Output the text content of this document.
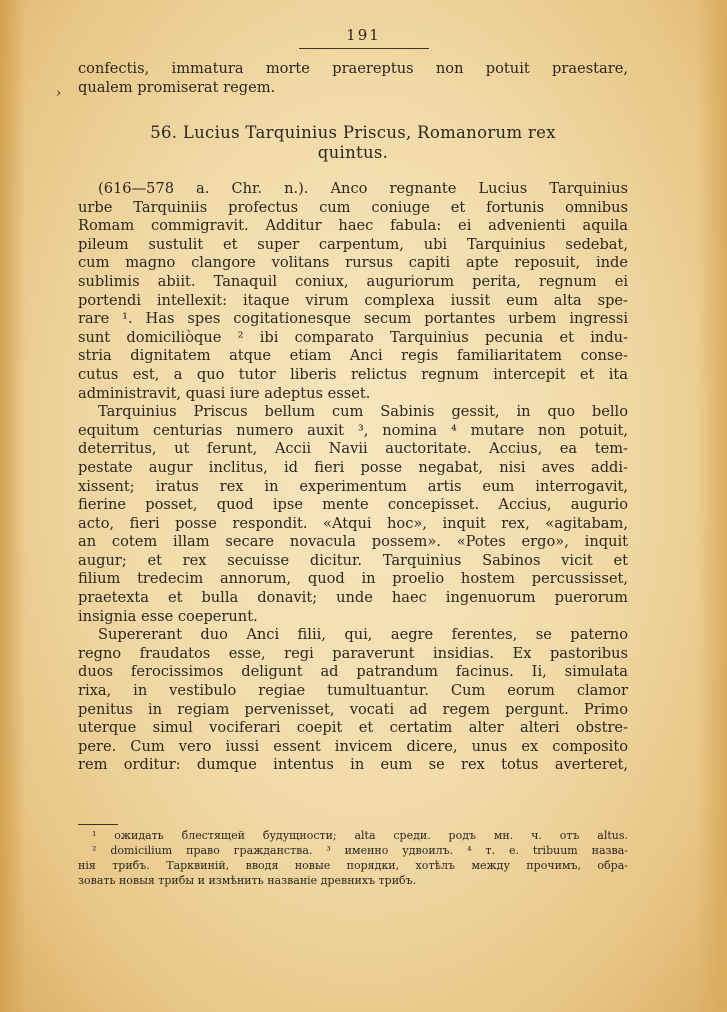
191
›
confectis, immatura morte praereptus non potuit praestare,
qualem promiserat regem.
56. Lucius Tarquinius Priscus, Romanorum rex
quintus.
(616—578 a. Chr. n.). Anco regnante Lucius Tarquinius
urbe Tarquiniis profectus cum coniuge et fortunis omnibus
Romam commigravit. Additur haec fabula: ei advenienti aquila
pileum sustulit et super carpentum, ubi Tarquinius sedebat,
cum magno clangore volitans rursus capiti apte reposuit, inde
sublimis abiit. Tanaquil coniux, auguriorum perita, regnum ei
portendi intellexit: itaque virum complexa iussit eum alta spe-
rare ¹. Has spes cogitationesque secum portantes urbem ingressi
sunt domiciliòque ² ibi comparato Tarquinius pecunia et indu-
stria dignitatem atque etiam Anci regis familiaritatem conse-
cutus est, a quo tutor liberis relictus regnum intercepit et ita
administravit, quasi iure adeptus esset.
Tarquinius Priscus bellum cum Sabinis gessit, in quo bello
equitum centurias numero auxit ³, nomina ⁴ mutare non potuit,
deterritus, ut ferunt, Accii Navii auctoritate. Accius, ea tem-
pestate augur inclitus, id fieri posse negabat, nisi aves addi-
xissent; iratus rex in experimentum artis eum interrogavit,
fierine posset, quod ipse mente concepisset. Accius, augurio
acto, fieri posse respondit. «Atqui hoc», inquit rex, «agitabam,
an cotem illam secare novacula possem». «Potes ergo», inquit
augur; et rex secuisse dicitur. Tarquinius Sabinos vicit et
filium tredecim annorum, quod in proelio hostem percussisset,
praetexta et bulla donavit; unde haec ingenuorum puerorum
insignia esse coeperunt.
Supererant duo Anci filii, qui, aegre ferentes, se paterno
regno fraudatos esse, regi paraverunt insidias. Ex pastoribus
duos ferocissimos deligunt ad patrandum facinus. Ii, simulata
rixa, in vestibulo regiae tumultuantur. Cum eorum clamor
penitus in regiam pervenisset, vocati ad regem pergunt. Primo
uterque simul vociferari coepit et certatim alter alteri obstre-
pere. Cum vero iussi essent invicem dicere, unus ex composito
rem orditur: dumque intentus in eum se rex totus averteret,
¹ ожидать блестящей будущности; alta среди. родъ мн. ч. отъ altus.
² domicilium право гражданства. ³ именно удвоилъ. ⁴ т. е. tribuum назва-
нія трибъ. Тарквиній, вводя новые порядки, хотѣлъ между прочимъ, обра-
зовать новыя трибы и измѣнить названіе древнихъ трибъ.
